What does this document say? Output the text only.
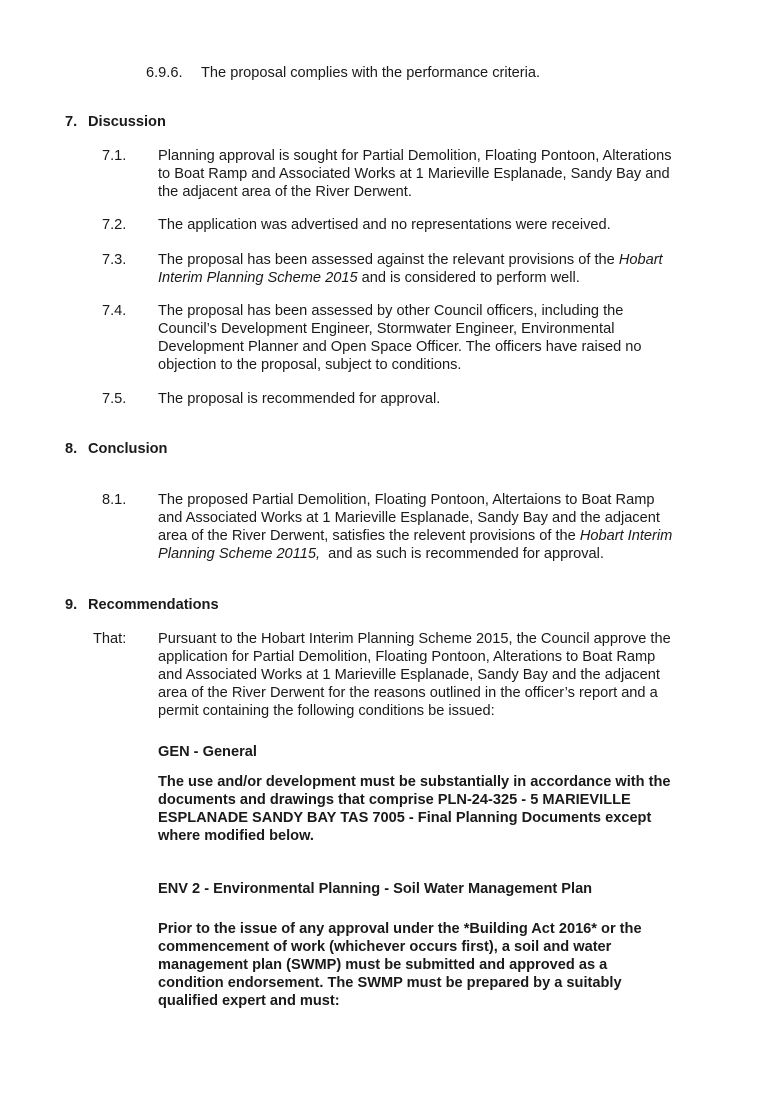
6.9.6. The proposal complies with the performance criteria.
7. Discussion
7.1. Planning approval is sought for Partial Demolition, Floating Pontoon, Alterations
to Boat Ramp and Associated Works at 1 Marieville Esplanade, Sandy Bay and
the adjacent area of the River Derwent.
7.2. The application was advertised and no representations were received.
7.3. The proposal has been assessed against the relevant provisions of the Hobart
Interim Planning Scheme 2015 and is considered to perform well.
7.4. The proposal has been assessed by other Council officers, including the
Council’s Development Engineer, Stormwater Engineer, Environmental
Development Planner and Open Space Officer. The officers have raised no
objection to the proposal, subject to conditions.
7.5. The proposal is recommended for approval.
8. Conclusion
8.1. The proposed Partial Demolition, Floating Pontoon, Altertaions to Boat Ramp
and Associated Works at 1 Marieville Esplanade, Sandy Bay and the adjacent
area of the River Derwent, satisfies the relevent provisions of the Hobart Interim
Planning Scheme 20115,  and as such is recommended for approval.
9. Recommendations
That: Pursuant to the Hobart Interim Planning Scheme 2015, the Council approve the
application for Partial Demolition, Floating Pontoon, Alterations to Boat Ramp
and Associated Works at 1 Marieville Esplanade, Sandy Bay and the adjacent
area of the River Derwent for the reasons outlined in the officer’s report and a
permit containing the following conditions be issued:
GEN - General
The use and/or development must be substantially in accordance with the
documents and drawings that comprise PLN-24-325 - 5 MARIEVILLE
ESPLANADE SANDY BAY TAS 7005 - Final Planning Documents except
where modified below.
ENV 2 - Environmental Planning - Soil Water Management Plan
Prior to the issue of any approval under the *Building Act 2016* or the
commencement of work (whichever occurs first), a soil and water
management plan (SWMP) must be submitted and approved as a
condition endorsement. The SWMP must be prepared by a suitably
qualified expert and must:
